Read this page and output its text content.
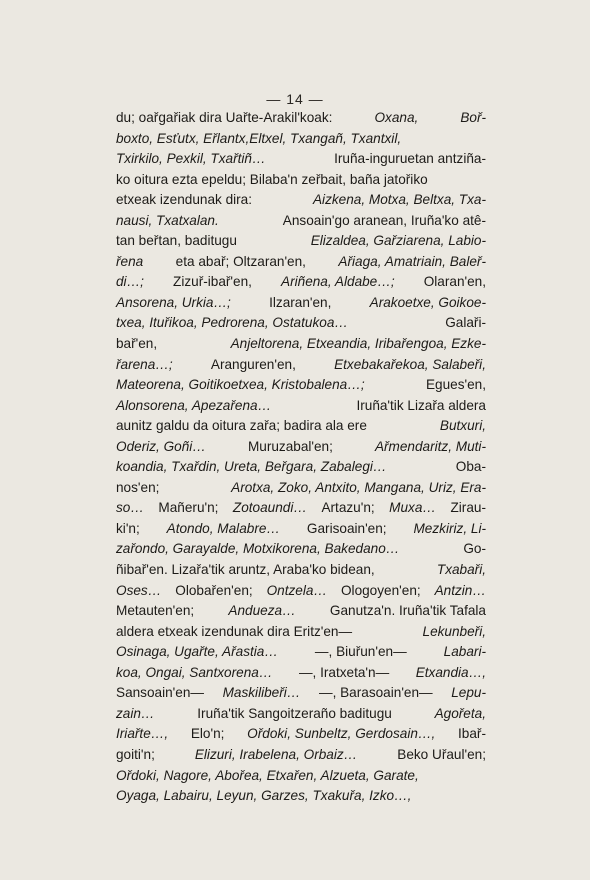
— 14 —
du; oařgařiak dira Uařte-Arakil'koak:	Oxana,	Boř-
boxto, Esťutx, Eřlantx,Eltxel, Txangañ, Txantxil,
Txirkilo, Pexkil, Txařtiñ…	Iruña-inguruetan antziña-
ko oitura ezta epeldu; Bilaba'n zeřbait, baña jatořiko
etxeak izendunak dira:	Aizkena, Motxa, Beltxa, Txa-
nausi, Txatxalan.	Ansoain'go aranean, Iruña'ko atê-
tan beřtan, baditugu	Elizaldea, Gařziarena, Labio-
řena eta abař; Oltzaran'en, Ařiaga, Amatriain, Baleř-
di…; Zizuř-ibař'en, Ariñena, Aldabe…; Olaran'en,
Ansorena, Urkia…;	Ilzaran'en,	Arakoetxe, Goikoe-
txea, Ituřikoa, Pedrorena, Ostatukoa…	Galaři-
bař'en,	Anjeltorena, Etxeandia, Iribařengoa, Ezke-
řarena…;	Aranguren'en,	Etxebakařekoa, Salabeři,
Mateorena, Goitikoetxea, Kristobalena…;	Egues'en,
Alonsorena, Apezařena…	Iruña'tik Lizařa aldera
aunitz galdu da oitura zařa; badira ala ere	Butxuri,
Oderiz, Goñi…	Muruzabal'en;	Ařmendaritz, Muti-
koandia, Txařdin, Ureta, Beřgara, Zabalegi…	Oba-
nos'en;	Arotxa, Zoko, Antxito, Mangana, Uriz, Era-
so… Mañeru'n; Zotoaundi… Artazu'n; Muxa… Zirau-
ki'n; Atondo, Malabre… Garisoain'en; Mezkiriz, Li-
zařondo, Garayalde, Motxikorena, Bakedano…	Go-
ñibař'en. Lizařa'tik aruntz, Araba'ko bidean,	Txabaři,
Oses… Olobařen'en; Ontzela… Ologoyen'en; Antzin…
Metauten'en;	Andueza…	Ganutza'n. Iruña'tik Tafala
aldera etxeak izendunak dira Eritz'en—	Lekunbeři,
Osinaga, Ugařte, Ařastia…	—, Biuřun'en—	Labari-
koa, Ongai, Santxorena… —, Iratxeta'n— Etxandia…,
Sansoain'en— Maskilibeři… —, Barasoain'en— Lepu-
zain…	Iruña'tik Sangoitzeraño baditugu	Agořeta,
Iriařte…, Elo'n; Ořdoki, Sunbeltz, Gerdosain…, Ibař-
goiti'n;	Elizuri, Irabelena, Orbaiz…	Beko Uřaul'en;
Ořdoki, Nagore, Abořea, Etxařen, Alzueta, Garate,
Oyaga, Labairu, Leyun, Garzes, Txakuřa, Izko…,
